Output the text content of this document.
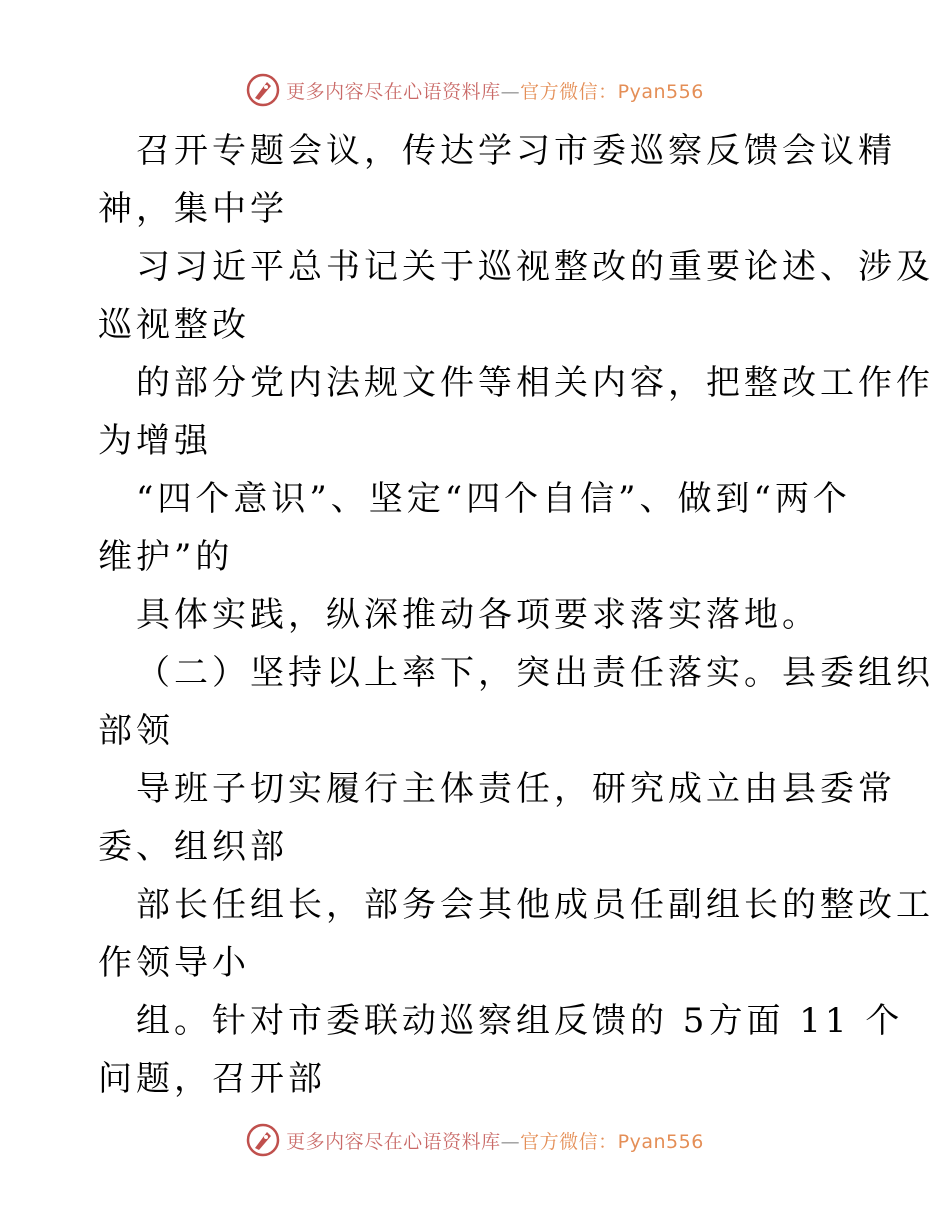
更多内容尽在心语资料库—官方微信：Pyan556
召开专题会议，传达学习市委巡察反馈会议精
神，集中学
习习近平总书记关于巡视整改的重要论述、涉及
巡视整改
的部分党内法规文件等相关内容，把整改工作作
为增强
“四个意识”、坚定“四个自信”、做到“两个
维护”的
具体实践，纵深推动各项要求落实落地。
（二）坚持以上率下，突出责任落实。县委组织
部领
导班子切实履行主体责任，研究成立由县委常
委、组织部
部长任组长，部务会其他成员任副组长的整改工
作领导小
组。针对市委联动巡察组反馈的 5方面 11 个
问题，召开部
更多内容尽在心语资料库—官方微信：Pyan556
